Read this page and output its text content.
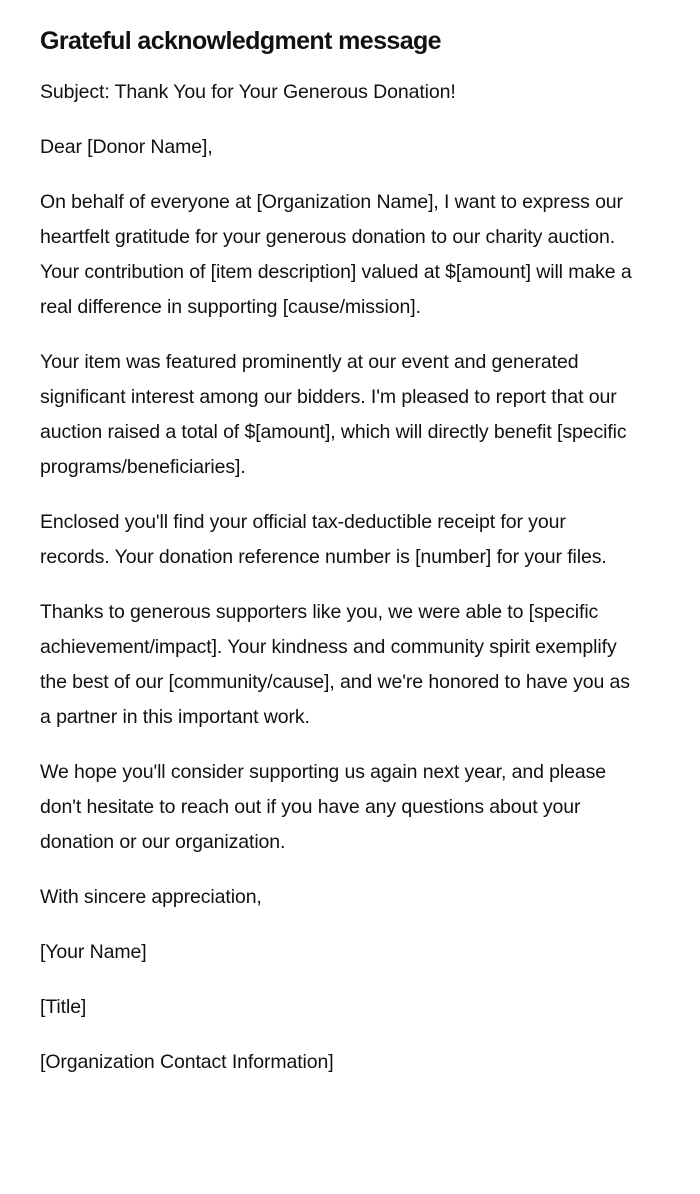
Grateful acknowledgment message

Subject: Thank You for Your Generous Donation!

Dear [Donor Name],

On behalf of everyone at [Organization Name], I want to express our heartfelt gratitude for your generous donation to our charity auction. Your contribution of [item description] valued at $[amount] will make a real difference in supporting [cause/mission].

Your item was featured prominently at our event and generated significant interest among our bidders. I'm pleased to report that our auction raised a total of $[amount], which will directly benefit [specific programs/beneficiaries].

Enclosed you'll find your official tax-deductible receipt for your records. Your donation reference number is [number] for your files.

Thanks to generous supporters like you, we were able to [specific achievement/impact]. Your kindness and community spirit exemplify the best of our [community/cause], and we're honored to have you as a partner in this important work.

We hope you'll consider supporting us again next year, and please don't hesitate to reach out if you have any questions about your donation or our organization.

With sincere appreciation,

[Your Name]

[Title]

[Organization Contact Information]
